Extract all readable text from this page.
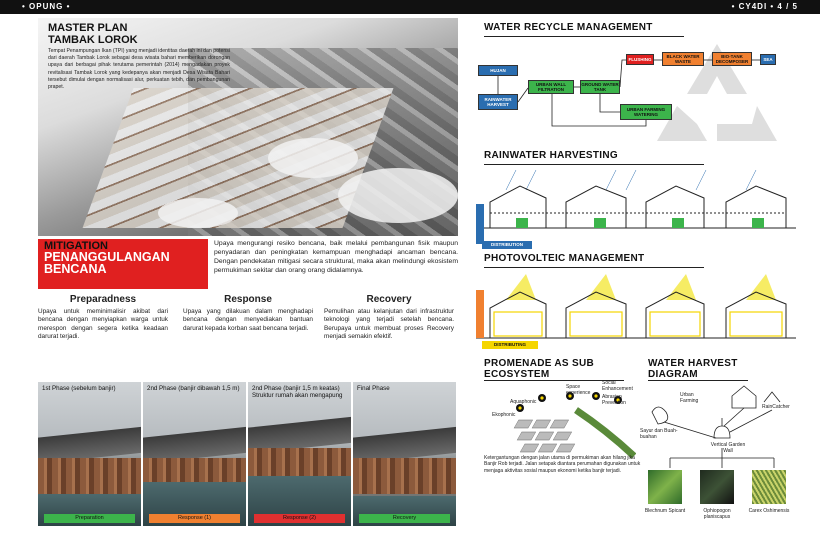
• OPUNG •	• CY4DI • 4 / 5
MASTER PLAN TAMBAK LOROK
Tempat Penampungan Ikan (TPI) yang menjadi identitas daerah ini dan potensi dari daerah Tambak Lorok sebagai desa wisata bahari memberikan dorongan upaya dari berbagai pihak terutama pemerintah (2014) mengadakan proyek revitalisasi Tambak Lorok yang kedepanya akan menjadi Desa Wisata Bahari tersebut dimulai dengan normalisasi alur, perkuatan tebih, dan pembangunan prapet.
MITIGATION
PENANGGULANGAN BENCANA
Upaya mengurangi resiko bencana, baik melalui pembangunan fisik maupun penyadaran dan peningkatan kemampuan menghadapi ancaman bencana. Dengan pendekatan mitigasi secara struktural, maka akan melindungi ekosistem permukiman sekitar dan orang orang didalamnya.
Preparadness

Upaya untuk meminimalisir akibat dari bencana dengan menyiapkan warga untuk merespon dengan segera ketika keadaan darurat terjadi.

Response

Upaya yang dilakuan dalam menghadapi bencana dengan menyediakan bantuan darurat kepada korban saat bencana terjadi.

Recovery

Pemulihan atau kelanjutan dari infrastruktur teknologi yang terjadi setelah bencana. Berupaya untuk membuat proses Recovery menjadi semakin efektif.

1st Phase (sebelum banjir)
Preparation
2nd Phase (banjir dibawah 1,5 m)
Response (1)
2nd Phase (banjir 1,5 m keatas) Struktur rumah akan mengapung
Response (2)
Final Phase
Recovery
WATER RECYCLE MANAGEMENT
HUJAN
RAINWATER HARVEST
URBAN WALL FILTRATION
GROUND WATER TANK
FLUSHING
BLACK WATER WASTE
BIO-TANK DECOMPOSER	SEA
URBAN FARMING WATERING
RAINWATER HARVESTING
DISTRIBUTION
PHOTOVOLTEIC MANAGEMENT
DISTRIBUTING
PROMENADE AS SUB ECOSYSTEM
Ekophonic
Aquaphonic
Space experience
Social Enhancement
Abrasion Prevention
Ketergantungan dengan jalan utama di permukiman akan hilang jika Banjir Rob terjadi. Jalan setapak diantara perumahan digunakan untuk menjaga aktivitas sosial maupun ekonomi ketika banjir terjadi.
WATER HARVEST DIAGRAM
Urban Farming
RainCatcher
Sayur dan Buah-buahan
Vertical Garden Wall
Blechnum Spicant	Ophiopogon planiscapus
Carex Oshimensis
